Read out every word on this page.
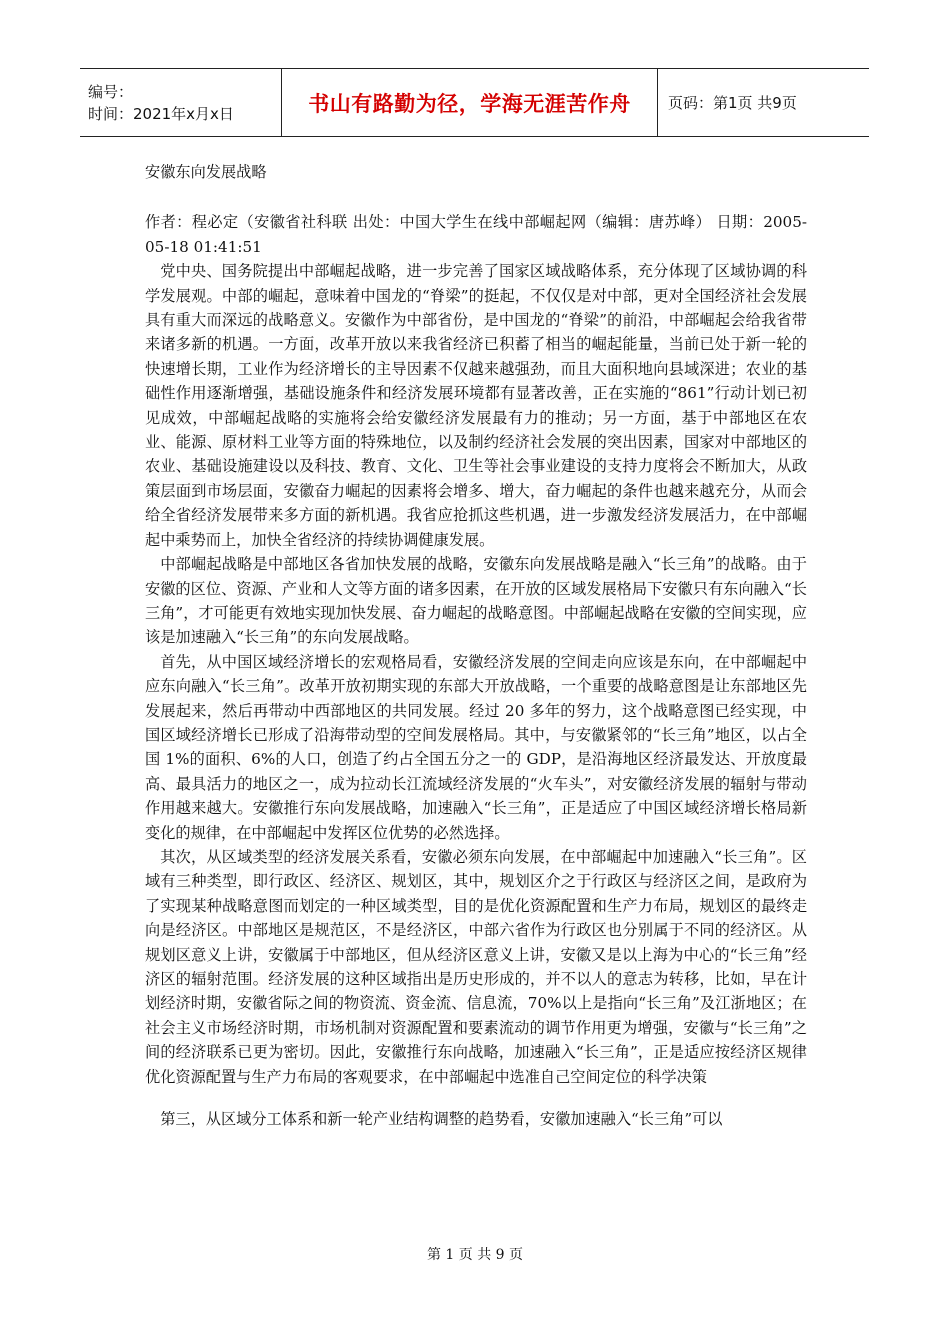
编号：
时间：2021年x月x日	书山有路勤为径，学海无涯苦作舟 页码：第1页 共9页

安徽东向发展战略

作者：程必定（安徽省社科联 出处：中国大学生在线中部崛起网（编辑：唐苏峰） 日期：2005-05-18 01:41:51

党中央、国务院提出中部崛起战略，进一步完善了国家区域战略体系，充分体现了区域协调的科学发展观。中部的崛起，意味着中国龙的“脊梁”的挺起，不仅仅是对中部，更对全国经济社会发展具有重大而深远的战略意义。安徽作为中部省份，是中国龙的“脊梁”的前沿，中部崛起会给我省带来诸多新的机遇。一方面，改革开放以来我省经济已积蓄了相当的崛起能量，当前已处于新一轮的快速增长期，工业作为经济增长的主导因素不仅越来越强劲，而且大面积地向县域深进；农业的基础性作用逐渐增强，基础设施条件和经济发展环境都有显著改善，正在实施的“861”行动计划已初见成效，中部崛起战略的实施将会给安徽经济发展最有力的推动；另一方面，基于中部地区在农业、能源、原材料工业等方面的特殊地位，以及制约经济社会发展的突出因素，国家对中部地区的农业、基础设施建设以及科技、教育、文化、卫生等社会事业建设的支持力度将会不断加大，从政策层面到市场层面，安徽奋力崛起的因素将会增多、增大，奋力崛起的条件也越来越充分，从而会给全省经济发展带来多方面的新机遇。我省应抢抓这些机遇，进一步激发经济发展活力，在中部崛起中乘势而上，加快全省经济的持续协调健康发展。

中部崛起战略是中部地区各省加快发展的战略，安徽东向发展战略是融入“长三角”的战略。由于安徽的区位、资源、产业和人文等方面的诸多因素，在开放的区域发展格局下安徽只有东向融入“长三角”，才可能更有效地实现加快发展、奋力崛起的战略意图。中部崛起战略在安徽的空间实现，应该是加速融入“长三角”的东向发展战略。

首先，从中国区域经济增长的宏观格局看，安徽经济发展的空间走向应该是东向，在中部崛起中应东向融入“长三角”。改革开放初期实现的东部大开放战略，一个重要的战略意图是让东部地区先发展起来，然后再带动中西部地区的共同发展。经过 20 多年的努力，这个战略意图已经实现，中国区域经济增长已形成了沿海带动型的空间发展格局。其中，与安徽紧邻的“长三角”地区，以占全国 1%的面积、6%的人口，创造了约占全国五分之一的 GDP，是沿海地区经济最发达、开放度最高、最具活力的地区之一，成为拉动长江流域经济发展的“火车头”，对安徽经济发展的辐射与带动作用越来越大。安徽推行东向发展战略，加速融入“长三角”，正是适应了中国区域经济增长格局新变化的规律，在中部崛起中发挥区位优势的必然选择。

其次，从区域类型的经济发展关系看，安徽必须东向发展，在中部崛起中加速融入“长三角”。区域有三种类型，即行政区、经济区、规划区，其中，规划区介之于行政区与经济区之间，是政府为了实现某种战略意图而划定的一种区域类型，目的是优化资源配置和生产力布局，规划区的最终走向是经济区。中部地区是规范区，不是经济区，中部六省作为行政区也分别属于不同的经济区。从规划区意义上讲，安徽属于中部地区，但从经济区意义上讲，安徽又是以上海为中心的“长三角”经济区的辐射范围。经济发展的这种区域指出是历史形成的，并不以人的意志为转移，比如，早在计划经济时期，安徽省际之间的物资流、资金流、信息流，70%以上是指向“长三角”及江浙地区；在社会主义市场经济时期，市场机制对资源配置和要素流动的调节作用更为增强，安徽与“长三角”之间的经济联系已更为密切。因此，安徽推行东向战略，加速融入“长三角”，正是适应按经济区规律优化资源配置与生产力布局的客观要求，在中部崛起中选准自己空间定位的科学决策

第三，从区域分工体系和新一轮产业结构调整的趋势看，安徽加速融入“长三角”可以

第 1 页 共 9 页
